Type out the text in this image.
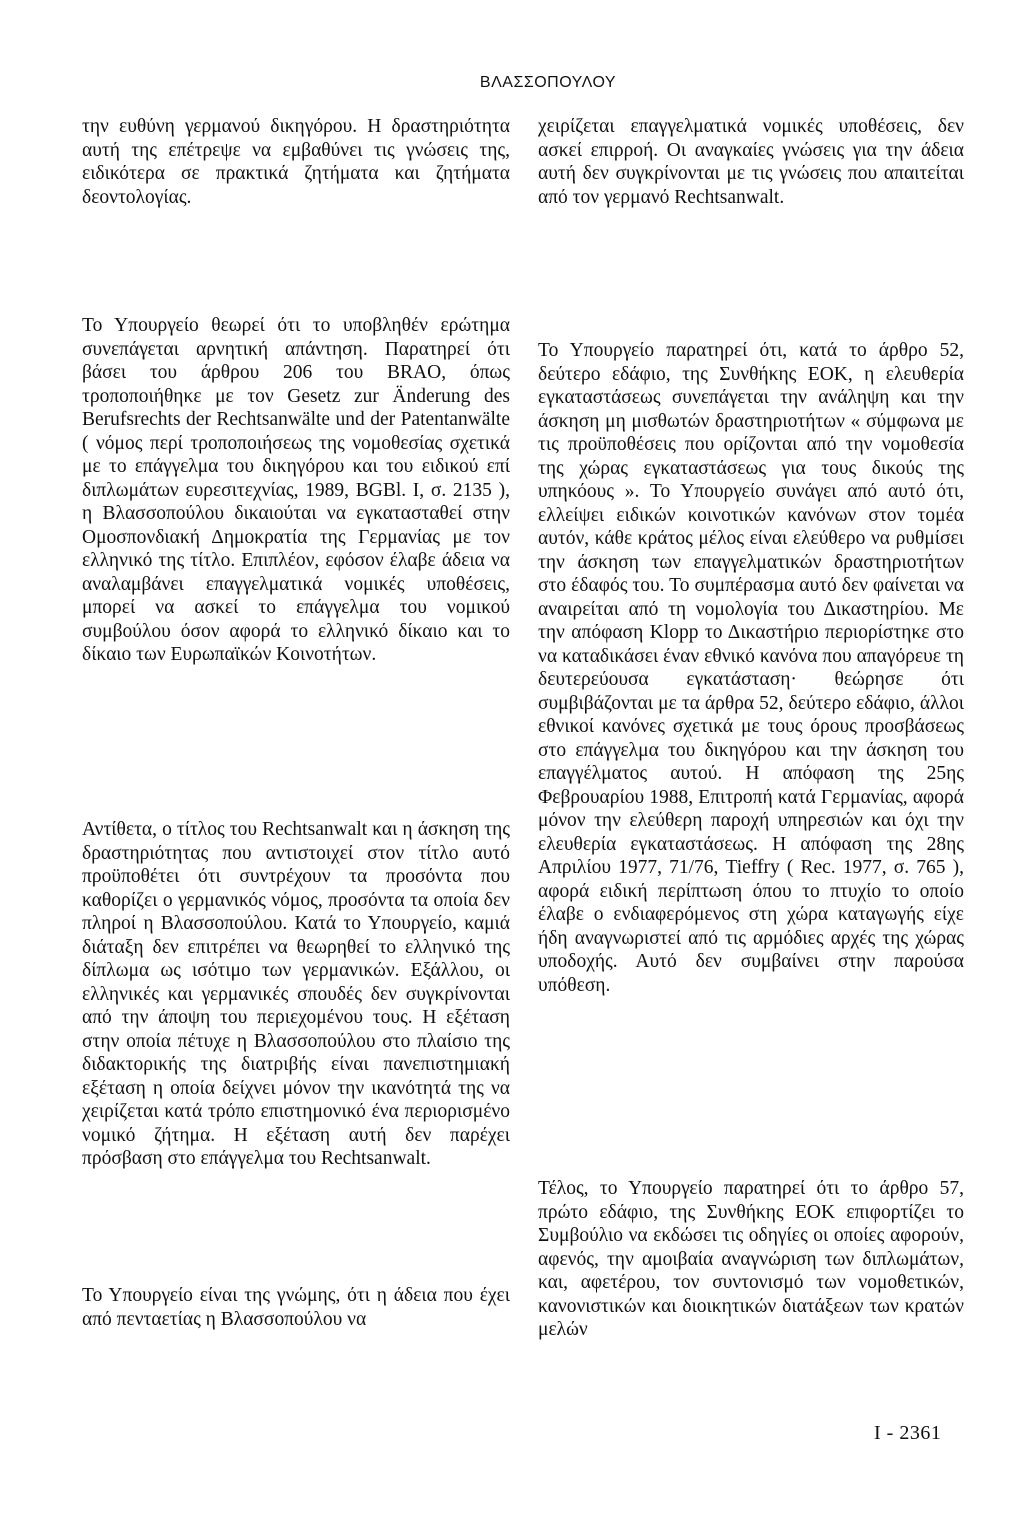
ΒΛΑΣΣΟΠΟΥΛΟΥ

την ευθύνη γερμανού δικηγόρου. Η δραστηριότητα αυτή της επέτρεψε να εμβαθύνει τις γνώσεις της, ειδικότερα σε πρακτικά ζητήματα και ζητήματα δεοντολογίας.

Το Υπουργείο θεωρεί ότι το υποβληθέν ερώτημα συνεπάγεται αρνητική απάντηση. Παρατηρεί ότι βάσει του άρθρου 206 του BRAO, όπως τροποποιήθηκε με τον Gesetz zur Änderung des Berufsrechts der Rechtsanwälte und der Patentanwälte ( νόμος περί τροποποιήσεως της νομοθεσίας σχετικά με το επάγγελμα του δικηγόρου και του ειδικού επί διπλωμάτων ευρεσιτεχνίας, 1989, BGBl. I, σ. 2135 ), η Βλασσοπούλου δικαιούται να εγκατασταθεί στην Ομοσπονδιακή Δημοκρατία της Γερμανίας με τον ελληνικό της τίτλο. Επιπλέον, εφόσον έλαβε άδεια να αναλαμβάνει επαγγελματικά νομικές υποθέσεις, μπορεί να ασκεί το επάγγελμα του νομικού συμβούλου όσον αφορά το ελληνικό δίκαιο και το δίκαιο των Ευρωπαϊκών Κοινοτήτων.

Αντίθετα, ο τίτλος του Rechtsanwalt και η άσκηση της δραστηριότητας που αντιστοιχεί στον τίτλο αυτό προϋποθέτει ότι συντρέχουν τα προσόντα που καθορίζει ο γερμανικός νόμος, προσόντα τα οποία δεν πληροί η Βλασσοπούλου. Κατά το Υπουργείο, καμιά διάταξη δεν επιτρέπει να θεωρηθεί το ελληνικό της δίπλωμα ως ισότιμο των γερμανικών. Εξάλλου, οι ελληνικές και γερμανικές σπουδές δεν συγκρίνονται από την άποψη του περιεχομένου τους. Η εξέταση στην οποία πέτυχε η Βλασσοπούλου στο πλαίσιο της διδακτορικής της διατριβής είναι πανεπιστημιακή εξέταση η οποία δείχνει μόνον την ικανότητά της να χειρίζεται κατά τρόπο επιστημονικό ένα περιορισμένο νομικό ζήτημα. Η εξέταση αυτή δεν παρέχει πρόσβαση στο επάγγελμα του Rechtsanwalt.

Το Υπουργείο είναι της γνώμης, ότι η άδεια που έχει από πενταετίας η Βλασσοπούλου να

χειρίζεται επαγγελματικά νομικές υποθέσεις, δεν ασκεί επιρροή. Οι αναγκαίες γνώσεις για την άδεια αυτή δεν συγκρίνονται με τις γνώσεις που απαιτείται από τον γερμανό Rechtsanwalt.

Το Υπουργείο παρατηρεί ότι, κατά το άρθρο 52, δεύτερο εδάφιο, της Συνθήκης ΕΟΚ, η ελευθερία εγκαταστάσεως συνεπάγεται την ανάληψη και την άσκηση μη μισθωτών δραστηριοτήτων « σύμφωνα με τις προϋποθέσεις που ορίζονται από την νομοθεσία της χώρας εγκαταστάσεως για τους δικούς της υπηκόους ». Το Υπουργείο συνάγει από αυτό ότι, ελλείψει ειδικών κοινοτικών κανόνων στον τομέα αυτόν, κάθε κράτος μέλος είναι ελεύθερο να ρυθμίσει την άσκηση των επαγγελματικών δραστηριοτήτων στο έδαφός του. Το συμπέρασμα αυτό δεν φαίνεται να αναιρείται από τη νομολογία του Δικαστηρίου. Με την απόφαση Klopp το Δικαστήριο περιορίστηκε στο να καταδικάσει έναν εθνικό κανόνα που απαγόρευε τη δευτερεύουσα εγκατάσταση· θεώρησε ότι συμβιβάζονται με τα άρθρα 52, δεύτερο εδάφιο, άλλοι εθνικοί κανόνες σχετικά με τους όρους προσβάσεως στο επάγγελμα του δικηγόρου και την άσκηση του επαγγέλματος αυτού. Η απόφαση της 25ης Φεβρουαρίου 1988, Επιτροπή κατά Γερμανίας, αφορά μόνον την ελεύθερη παροχή υπηρεσιών και όχι την ελευθερία εγκαταστάσεως. Η απόφαση της 28ης Απριλίου 1977, 71/76, Tieffry ( Rec. 1977, σ. 765 ), αφορά ειδική περίπτωση όπου το πτυχίο το οποίο έλαβε ο ενδιαφερόμενος στη χώρα καταγωγής είχε ήδη αναγνωριστεί από τις αρμόδιες αρχές της χώρας υποδοχής. Αυτό δεν συμβαίνει στην παρούσα υπόθεση.

Τέλος, το Υπουργείο παρατηρεί ότι το άρθρο 57, πρώτο εδάφιο, της Συνθήκης ΕΟΚ επιφορτίζει το Συμβούλιο να εκδώσει τις οδηγίες οι οποίες αφορούν, αφενός, την αμοιβαία αναγνώριση των διπλωμάτων, και, αφετέρου, τον συντονισμό των νομοθετικών, κανονιστικών και διοικητικών διατάξεων των κρατών μελών

I - 2361
